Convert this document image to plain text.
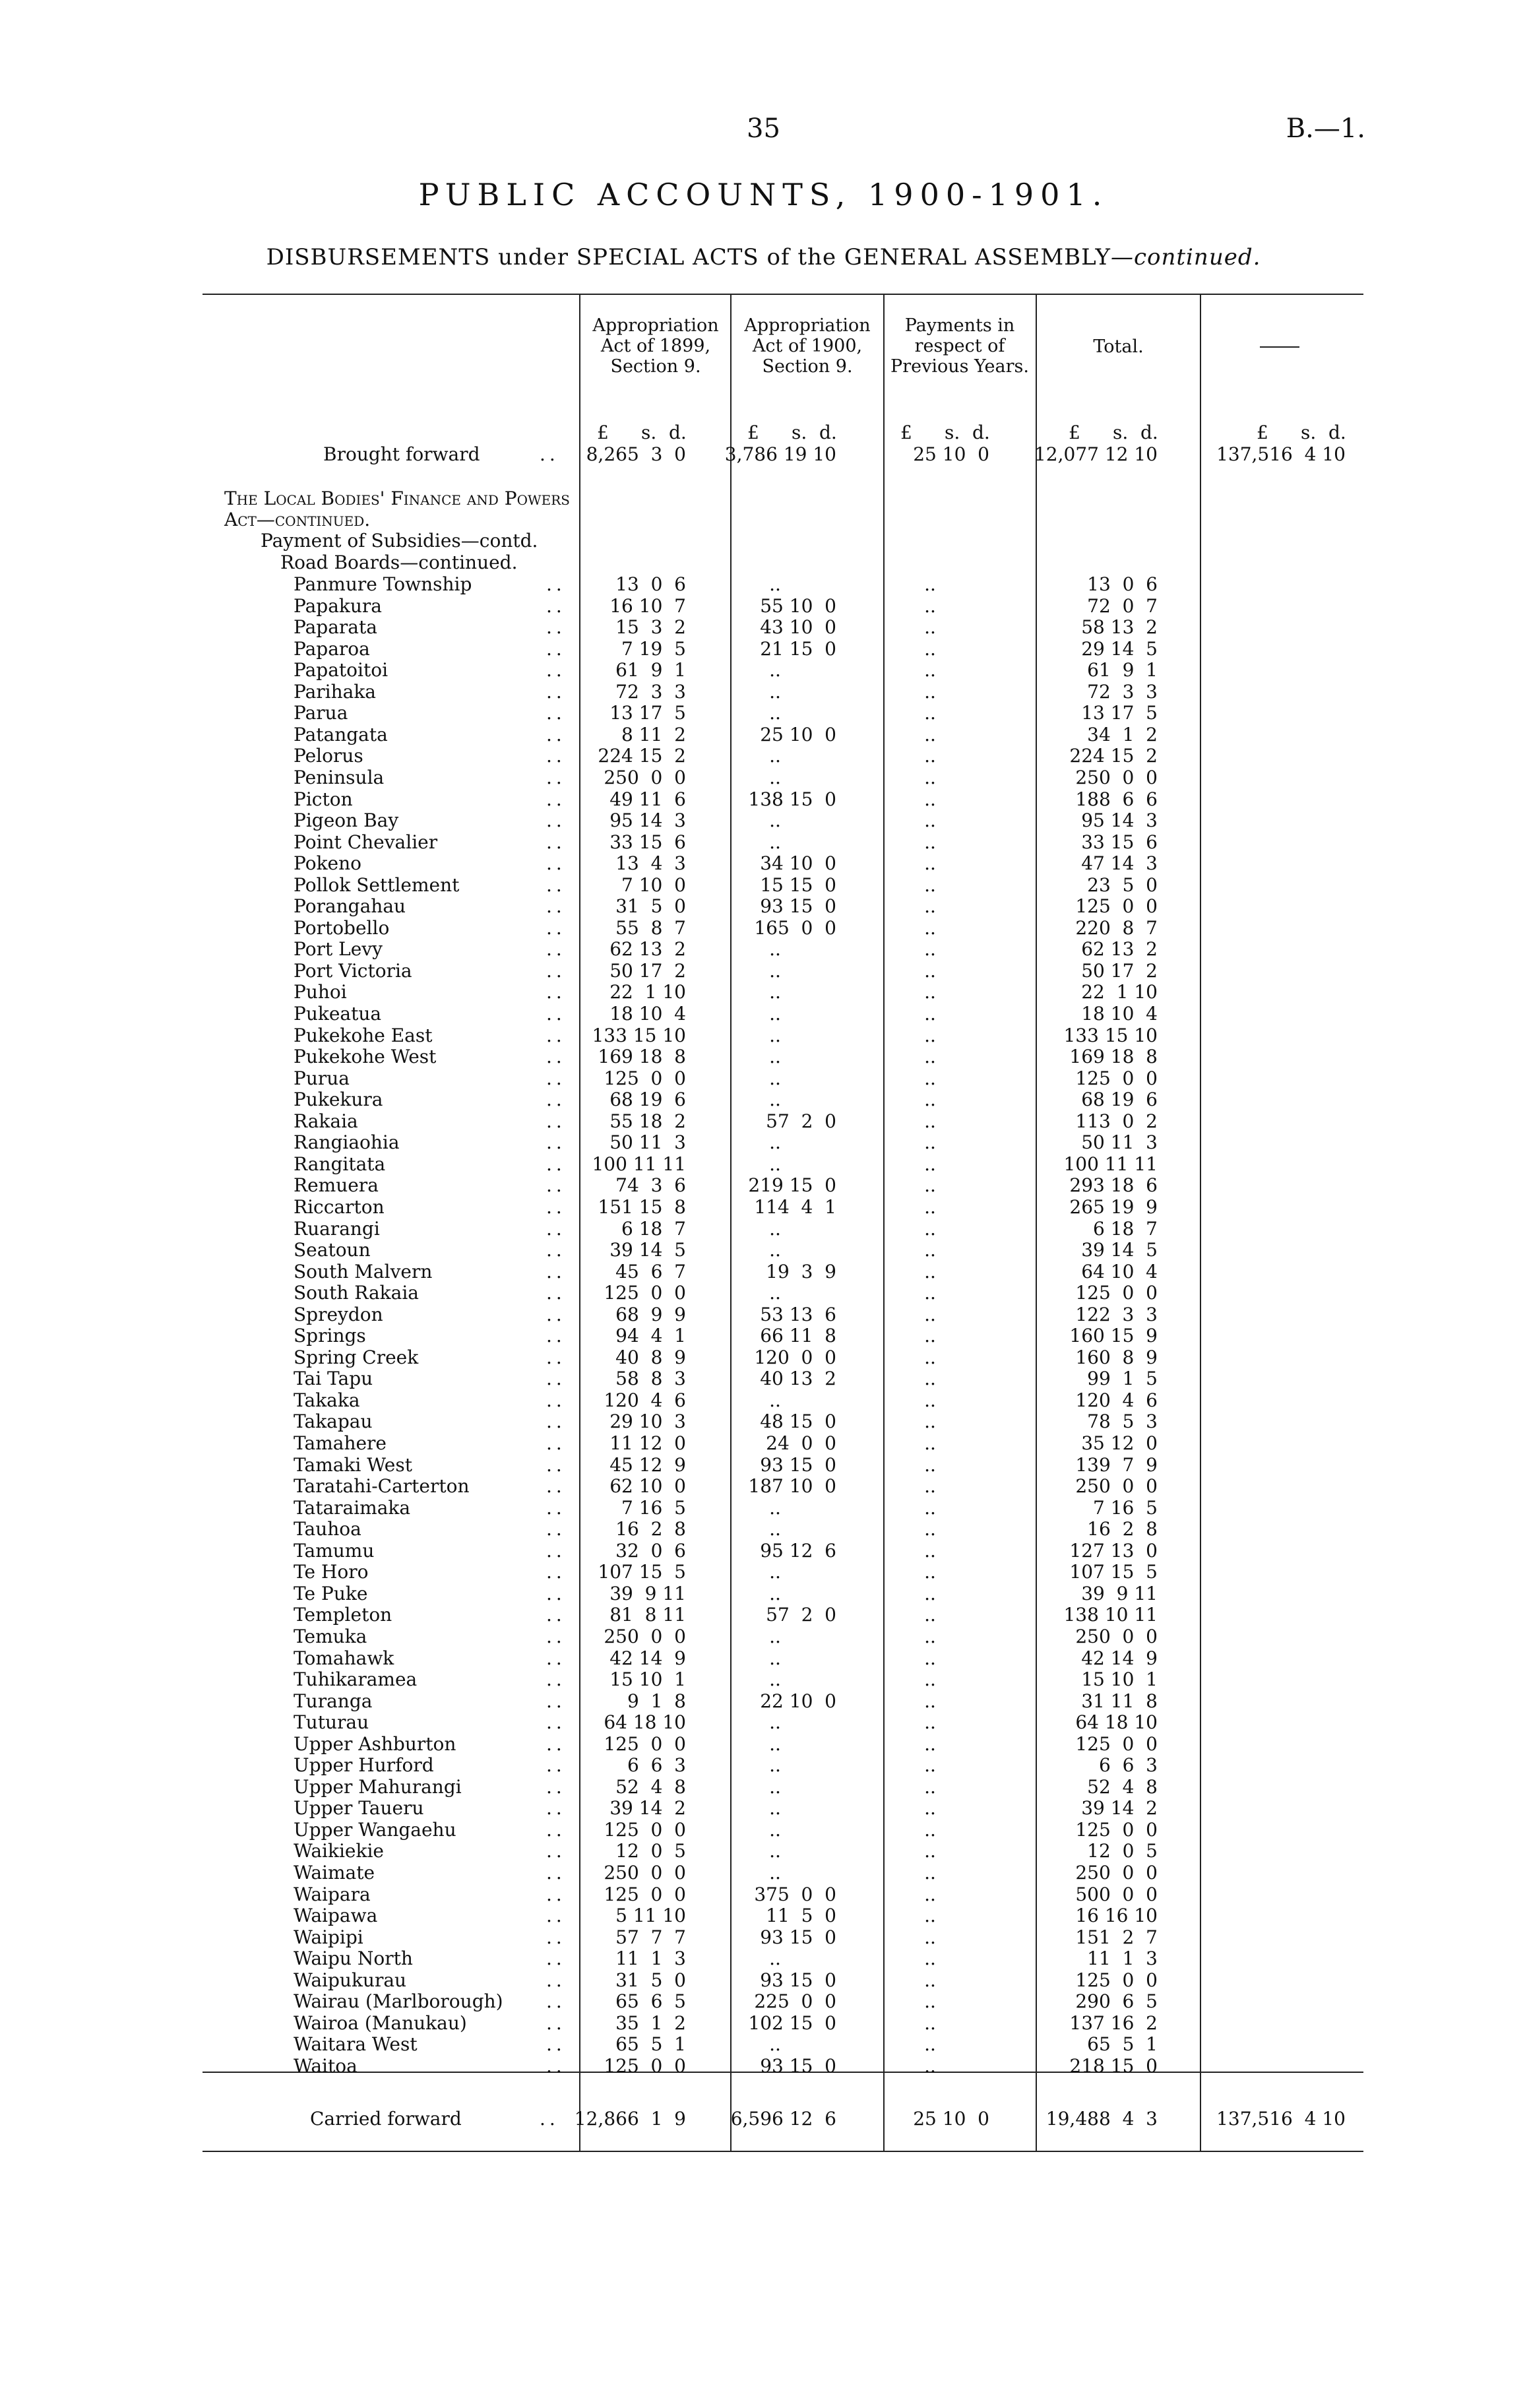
35	B.—1.
PUBLIC ACCOUNTS, 1900-1901.
DISBURSEMENTS under SPECIAL ACTS of the GENERAL ASSEMBLY—continued.
Appropriation Act of 1899, Section 9.
Appropriation Act of 1900, Section 9.
Payments in respect of Previous Years.
Total.
£ s. d.	£ s. d.	£ s. d.	£ s. d.	£ s. d.
Brought forward	..	8,265  3  0	3,786 19 10	25 10  0	12,077 12 10	137,516  4 10
The Local Bodies' Finance and Powers Act—continued.
Payment of Subsidies—contd.
Road Boards—continued.
Panmure Township	..	13  0  6	..	..	13  0  6
Papakura	..	16 10  7	55 10  0	..	72  0  7
Paparata	..	15  3  2	43 10  0	..	58 13  2
Paparoa	..	7 19  5	21 15  0	..	29 14  5
Papatoitoi	..	61  9  1	..	..	61  9  1
Parihaka	..	72  3  3	..	..	72  3  3
Parua	..	13 17  5	..	..	13 17  5
Patangata	..	8 11  2	25 10  0	..	34  1  2
Pelorus	..	224 15  2	..	..	224 15  2
Peninsula	..	250  0  0	..	..	250  0  0
Picton	..	49 11  6	138 15  0	..	188  6  6
Pigeon Bay	..	95 14  3	..	..	95 14  3
Point Chevalier	..	33 15  6	..	..	33 15  6
Pokeno	..	13  4  3	34 10  0	..	47 14  3
Pollok Settlement	..	7 10  0	15 15  0	..	23  5  0
Porangahau	..	31  5  0	93 15  0	..	125  0  0
Portobello	..	55  8  7	165  0  0	..	220  8  7
Port Levy	..	62 13  2	..	..	62 13  2
Port Victoria	..	50 17  2	..	..	50 17  2
Puhoi	..	22  1 10	..	..	22  1 10
Pukeatua	..	18 10  4	..	..	18 10  4
Pukekohe East	..	133 15 10	..	..	133 15 10
Pukekohe West	..	169 18  8	..	..	169 18  8
Purua	..	125  0  0	..	..	125  0  0
Pukekura	..	68 19  6	..	..	68 19  6
Rakaia	..	55 18  2	57  2  0	..	113  0  2
Rangiaohia	..	50 11  3	..	..	50 11  3
Rangitata	..	100 11 11	..	..	100 11 11
Remuera	..	74  3  6	219 15  0	..	293 18  6
Riccarton	..	151 15  8	114  4  1	..	265 19  9
Ruarangi	..	6 18  7	..	..	6 18  7
Seatoun	..	39 14  5	..	..	39 14  5
South Malvern	..	45  6  7	19  3  9	..	64 10  4
South Rakaia	..	125  0  0	..	..	125  0  0
Spreydon	..	68  9  9	53 13  6	..	122  3  3
Springs	..	94  4  1	66 11  8	..	160 15  9
Spring Creek	..	40  8  9	120  0  0	..	160  8  9
Tai Tapu	..	58  8  3	40 13  2	..	99  1  5
Takaka	..	120  4  6	..	..	120  4  6
Takapau	..	29 10  3	48 15  0	..	78  5  3
Tamahere	..	11 12  0	24  0  0	..	35 12  0
Tamaki West	..	45 12  9	93 15  0	..	139  7  9
Taratahi-Carterton	..	62 10  0	187 10  0	..	250  0  0
Tataraimaka	..	7 16  5	..	..	7 16  5
Tauhoa	..	16  2  8	..	..	16  2  8
Tamumu	..	32  0  6	95 12  6	..	127 13  0
Te Horo	..	107 15  5	..	..	107 15  5
Te Puke	..	39  9 11	..	..	39  9 11
Templeton	..	81  8 11	57  2  0	..	138 10 11
Temuka	..	250  0  0	..	..	250  0  0
Tomahawk	..	42 14  9	..	..	42 14  9
Tuhikaramea	..	15 10  1	..	..	15 10  1
Turanga	..	9  1  8	22 10  0	..	31 11  8
Tuturau	..	64 18 10	..	..	64 18 10
Upper Ashburton	..	125  0  0	..	..	125  0  0
Upper Hurford	..	6  6  3	..	..	6  6  3
Upper Mahurangi	..	52  4  8	..	..	52  4  8
Upper Taueru	..	39 14  2	..	..	39 14  2
Upper Wangaehu	..	125  0  0	..	..	125  0  0
Waikiekie	..	12  0  5	..	..	12  0  5
Waimate	..	250  0  0	..	..	250  0  0
Waipara	..	125  0  0	375  0  0	..	500  0  0
Waipawa	..	5 11 10	11  5  0	..	16 16 10
Waipipi	..	57  7  7	93 15  0	..	151  2  7
Waipu North	..	11  1  3	..	..	11  1  3
Waipukurau	..	31  5  0	93 15  0	..	125  0  0
Wairau (Marlborough) ..	65  6  5	225  0  0	..	290  6  5
Wairoa (Manukau)	..	35  1  2	102 15  0	..	137 16  2
Waitara West	..	65  5  1	..	..	65  5  1
Waitoa	..	125  0  0	93 15  0	..	218 15  0
Carried forward	.. 12,866  1  9	6,596 12  6	25 10  0	19,488  4  3	137,516  4 10
